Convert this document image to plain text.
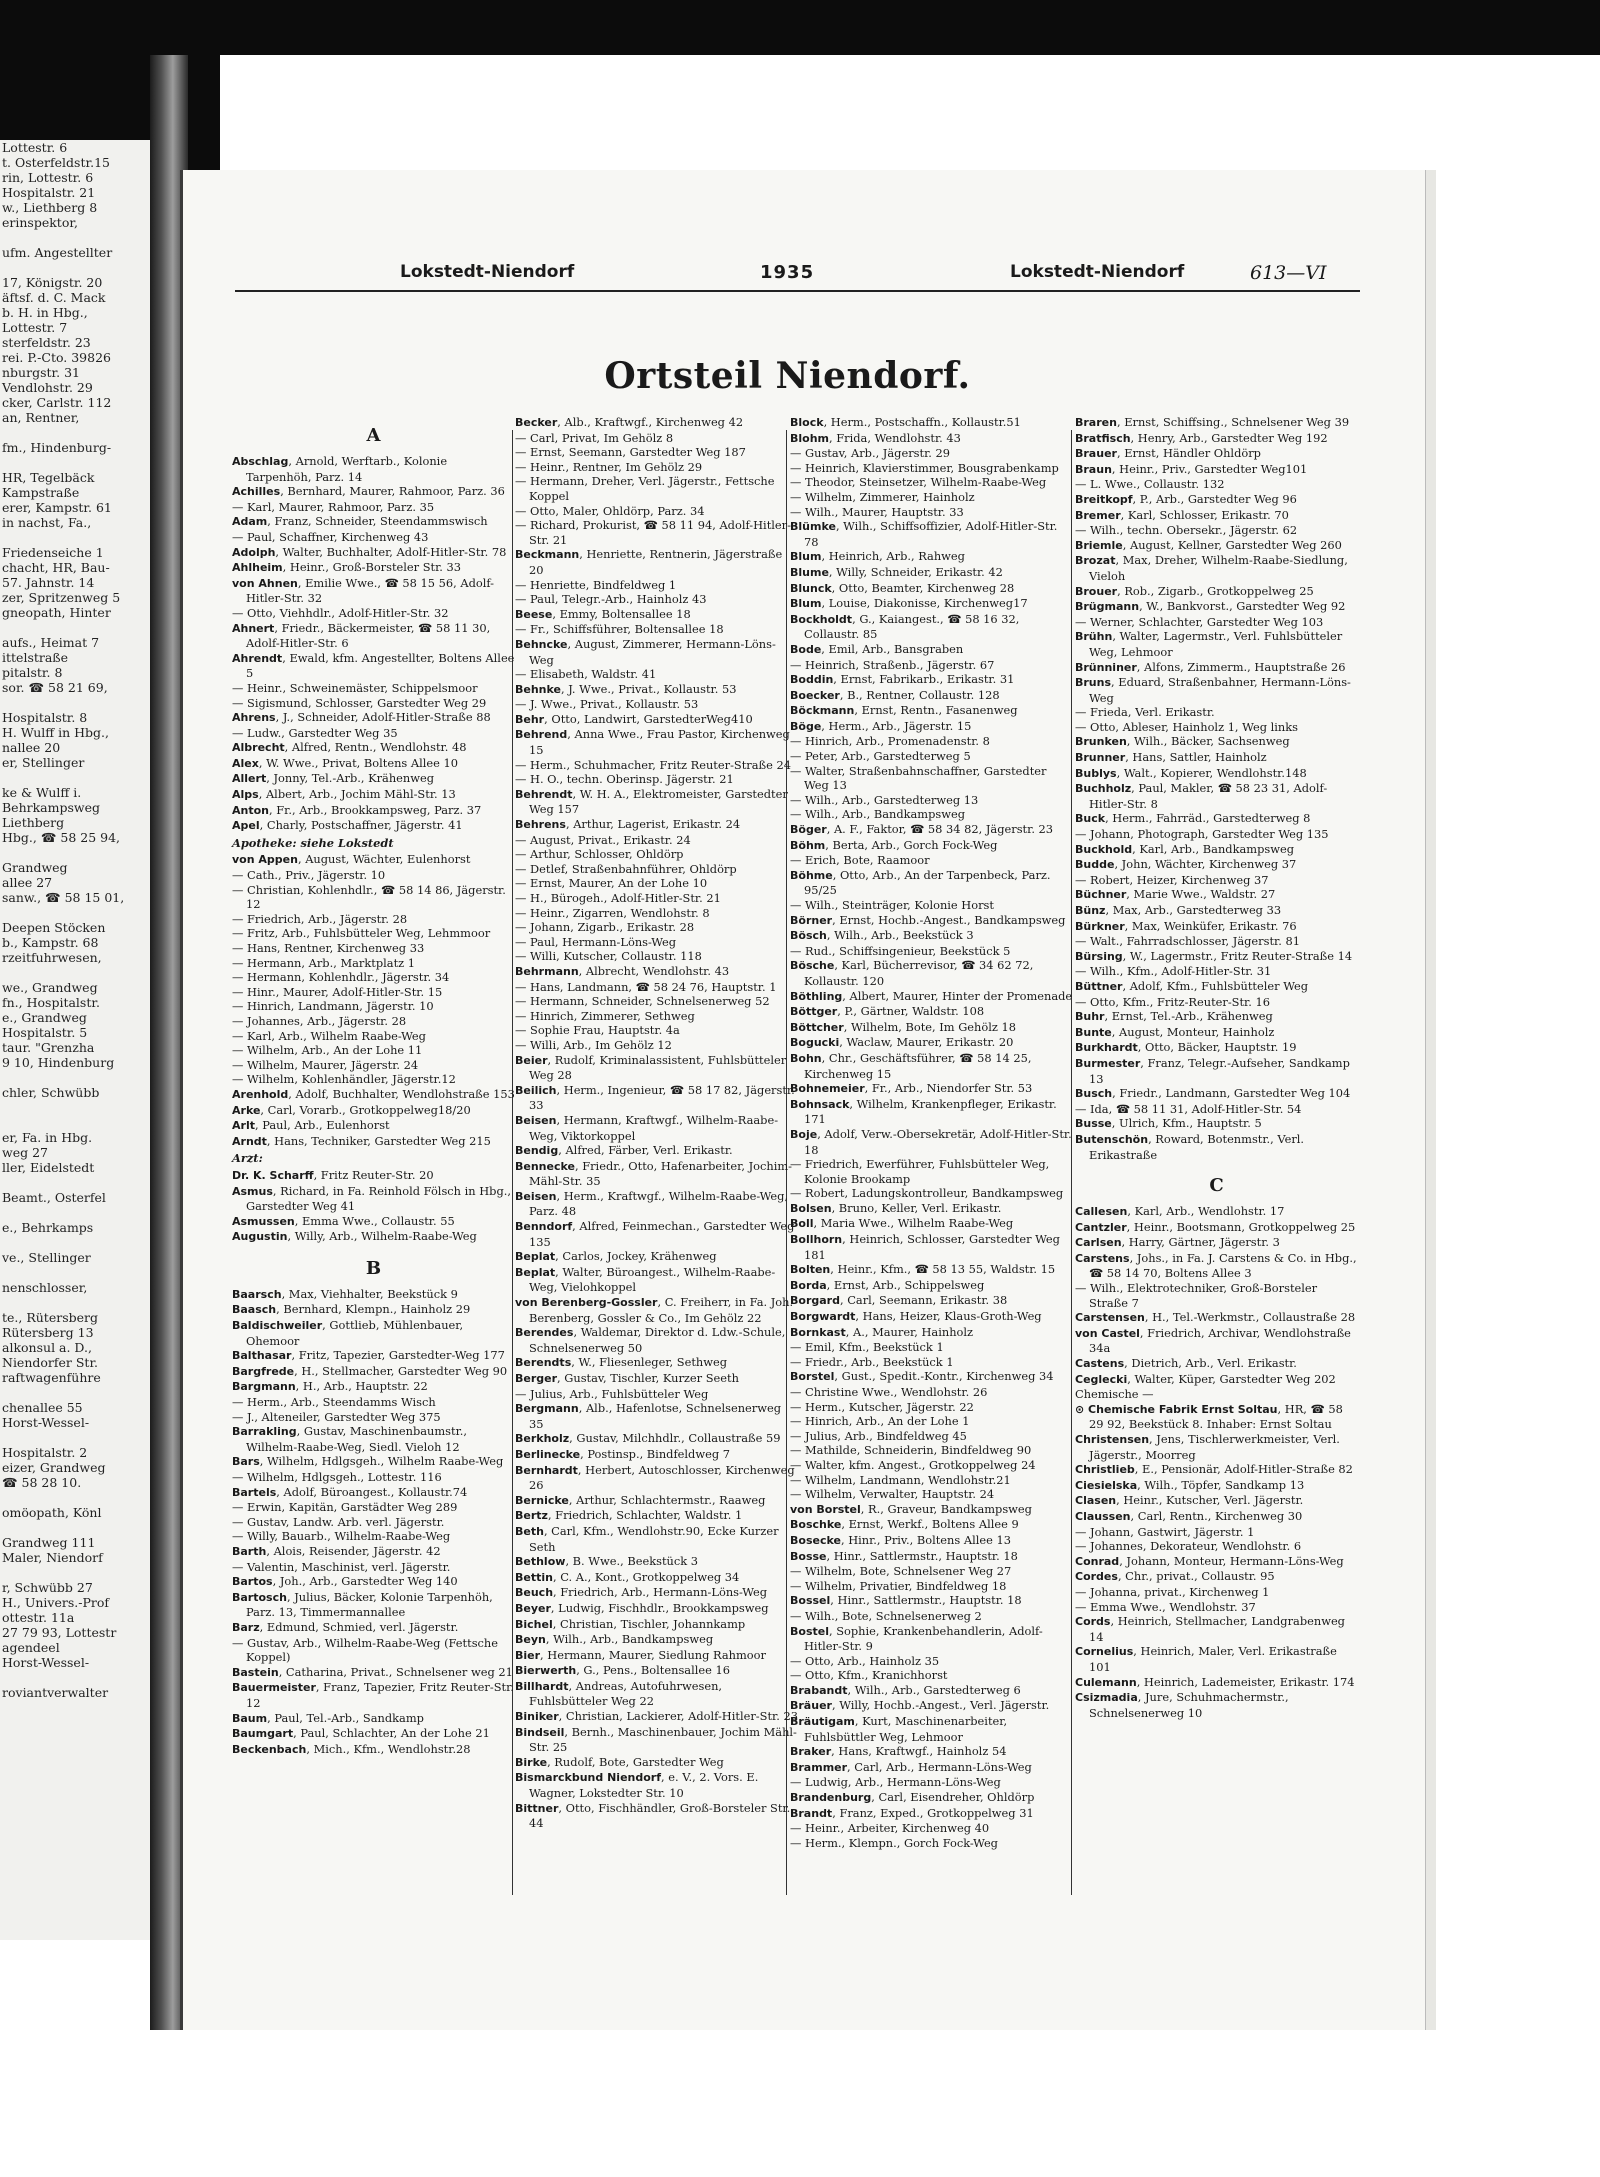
Lottestr. 6
t. Osterfeldstr.15
rin, Lottestr. 6
Hospitalstr. 21
w., Liethberg 8
erinspektor,
ufm. Angestellter
17, Königstr. 20
äftsf. d. C. Mack
b. H. in Hbg.,
Lottestr. 7
sterfeldstr. 23
rei. P.-Cto. 39826
nburgstr. 31
Vendlohstr. 29
cker, Carlstr. 112
an, Rentner,
fm., Hindenburg-
HR, Tegelbäck
Kampstraße
erer, Kampstr. 61
in nachst, Fa.,
Friedenseiche 1
chacht, HR, Bau-
57. Jahnstr. 14
zer, Spritzenweg 5
gneopath, Hinter
aufs., Heimat 7
ittelstraße
pitalstr. 8
sor. ☎ 58 21 69,
Hospitalstr. 8
H. Wulff in Hbg.,
nallee 20
er, Stellinger
ke & Wulff i.
Behrkampsweg
Liethberg
Hbg., ☎ 58 25 94,
Grandweg
allee 27
sanw., ☎ 58 15 01,
Deepen Stöcken
b., Kampstr. 68
rzeitfuhrwesen,
we., Grandweg
fn., Hospitalstr.
e., Grandweg
Hospitalstr. 5
taur. "Grenzha
9 10, Hindenburg
chler, Schwübb
er, Fa. in Hbg.
weg 27
ller, Eidelstedt
Beamt., Osterfel
e., Behrkamps
ve., Stellinger
nenschlosser,
te., Rütersberg
Rütersberg 13
alkonsul a. D.,
Niendorfer Str.
raftwagenführe
chenallee 55
Horst-Wessel-
Hospitalstr. 2
eizer, Grandweg
☎ 58 28 10.
omöopath, Könl
Grandweg 111
Maler, Niendorf
r, Schwübb 27
H., Univers.-Prof
ottestr. 11a
27 79 93, Lottestr
agendeel
Horst-Wessel-
roviantverwalter
Lokstedt-Niendorf	1935	Lokstedt-Niendorf	613—VI
Ortsteil Niendorf.
A

Abschlag, Arnold, Werftarb., Kolonie Tarpenhöh, Parz. 14

Achilles, Bernhard, Maurer, Rahmoor, Parz. 36

— Karl, Maurer, Rahmoor, Parz. 35

Adam, Franz, Schneider, Steendammswisch

— Paul, Schaffner, Kirchenweg 43

Adolph, Walter, Buchhalter, Adolf-Hitler-Str. 78

Ahlheim, Heinr., Groß-Borsteler Str. 33

von Ahnen, Emilie Wwe., ☎ 58 15 56, Adolf-Hitler-Str. 32

— Otto, Viehhdlr., Adolf-Hitler-Str. 32

Ahnert, Friedr., Bäckermeister, ☎ 58 11 30, Adolf-Hitler-Str. 6

Ahrendt, Ewald, kfm. Angestellter, Boltens Allee 5

— Heinr., Schweinemäster, Schippelsmoor

— Sigismund, Schlosser, Garstedter Weg 29

Ahrens, J., Schneider, Adolf-Hitler-Straße 88

— Ludw., Garstedter Weg 35

Albrecht, Alfred, Rentn., Wendlohstr. 48

Alex, W. Wwe., Privat, Boltens Allee 10

Allert, Jonny, Tel.-Arb., Krähenweg

Alps, Albert, Arb., Jochim Mähl-Str. 13

Anton, Fr., Arb., Brookkampsweg, Parz. 37

Apel, Charly, Postschaffner, Jägerstr. 41

Apotheke: siehe Lokstedt

von Appen, August, Wächter, Eulenhorst

— Cath., Priv., Jägerstr. 10

— Christian, Kohlenhdlr., ☎ 58 14 86, Jägerstr. 12

— Friedrich, Arb., Jägerstr. 28

— Fritz, Arb., Fuhlsbütteler Weg, Lehmmoor

— Hans, Rentner, Kirchenweg 33

— Hermann, Arb., Marktplatz 1

— Hermann, Kohlenhdlr., Jägerstr. 34

— Hinr., Maurer, Adolf-Hitler-Str. 15

— Hinrich, Landmann, Jägerstr. 10

— Johannes, Arb., Jägerstr. 28

— Karl, Arb., Wilhelm Raabe-Weg

— Wilhelm, Arb., An der Lohe 11

— Wilhelm, Maurer, Jägerstr. 24

— Wilhelm, Kohlenhändler, Jägerstr.12

Arenhold, Adolf, Buchhalter, Wendlohstraße 153

Arke, Carl, Vorarb., Grotkoppelweg18/20

Arlt, Paul, Arb., Eulenhorst

Arndt, Hans, Techniker, Garstedter Weg 215

Arzt:

Dr. K. Scharff, Fritz Reuter-Str. 20

Asmus, Richard, in Fa. Reinhold Fölsch in Hbg., Garstedter Weg 41

Asmussen, Emma Wwe., Collaustr. 55

Augustin, Willy, Arb., Wilhelm-Raabe-Weg

B

Baarsch, Max, Viehhalter, Beekstück 9

Baasch, Bernhard, Klempn., Hainholz 29

Baldischweiler, Gottlieb, Mühlenbauer, Ohemoor

Balthasar, Fritz, Tapezier, Garstedter-Weg 177

Bargfrede, H., Stellmacher, Garstedter Weg 90

Bargmann, H., Arb., Hauptstr. 22

— Herm., Arb., Steendamms Wisch

— J., Alteneiler, Garstedter Weg 375

Barrakling, Gustav, Maschinenbaumstr., Wilhelm-Raabe-Weg, Siedl. Vieloh 12

Bars, Wilhelm, Hdlgsgeh., Wilhelm Raabe-Weg

— Wilhelm, Hdlgsgeh., Lottestr. 116

Bartels, Adolf, Büroangest., Kollaustr.74

— Erwin, Kapitän, Garstädter Weg 289

— Gustav, Landw. Arb. verl. Jägerstr.

— Willy, Bauarb., Wilhelm-Raabe-Weg

Barth, Alois, Reisender, Jägerstr. 42

— Valentin, Maschinist, verl. Jägerstr.

Bartos, Joh., Arb., Garstedter Weg 140

Bartosch, Julius, Bäcker, Kolonie Tarpenhöh, Parz. 13, Timmermannallee

Barz, Edmund, Schmied, verl. Jägerstr.

— Gustav, Arb., Wilhelm-Raabe-Weg (Fettsche Koppel)

Bastein, Catharina, Privat., Schnelsener weg 21

Bauermeister, Franz, Tapezier, Fritz Reuter-Str. 12

Baum, Paul, Tel.-Arb., Sandkamp

Baumgart, Paul, Schlachter, An der Lohe 21

Beckenbach, Mich., Kfm., Wendlohstr.28

Becker, Alb., Kraftwgf., Kirchenweg 42

— Carl, Privat, Im Gehölz 8

— Ernst, Seemann, Garstedter Weg 187

— Heinr., Rentner, Im Gehölz 29

— Hermann, Dreher, Verl. Jägerstr., Fettsche Koppel

— Otto, Maler, Ohldörp, Parz. 34

— Richard, Prokurist, ☎ 58 11 94, Adolf-Hitler-Str. 21

Beckmann, Henriette, Rentnerin, Jägerstraße 20

— Henriette, Bindfeldweg 1

— Paul, Telegr.-Arb., Hainholz 43

Beese, Emmy, Boltensallee 18

— Fr., Schiffsführer, Boltensallee 18

Behncke, August, Zimmerer, Hermann-Löns-Weg

— Elisabeth, Waldstr. 41

Behnke, J. Wwe., Privat., Kollaustr. 53

— J. Wwe., Privat., Kollaustr. 53

Behr, Otto, Landwirt, GarstedterWeg410

Behrend, Anna Wwe., Frau Pastor, Kirchenweg 15

— Herm., Schuhmacher, Fritz Reuter-Straße 24

— H. O., techn. Oberinsp. Jägerstr. 21

Behrendt, W. H. A., Elektromeister, Garstedter Weg 157

Behrens, Arthur, Lagerist, Erikastr. 24

— August, Privat., Erikastr. 24

— Arthur, Schlosser, Ohldörp

— Detlef, Straßenbahnführer, Ohldörp

— Ernst, Maurer, An der Lohe 10

— H., Bürogeh., Adolf-Hitler-Str. 21

— Heinr., Zigarren, Wendlohstr. 8

— Johann, Zigarb., Erikastr. 28

— Paul, Hermann-Löns-Weg

— Willi, Kutscher, Collaustr. 118

Behrmann, Albrecht, Wendlohstr. 43

— Hans, Landmann, ☎ 58 24 76, Hauptstr. 1

— Hermann, Schneider, Schnelsenerweg 52

— Hinrich, Zimmerer, Sethweg

— Sophie Frau, Hauptstr. 4a

— Willi, Arb., Im Gehölz 12

Beier, Rudolf, Kriminalassistent, Fuhlsbütteler Weg 28

Beilich, Herm., Ingenieur, ☎ 58 17 82, Jägerstr. 33

Beisen, Hermann, Kraftwgf., Wilhelm-Raabe-Weg, Viktorkoppel

Bendig, Alfred, Färber, Verl. Erikastr.

Bennecke, Friedr., Otto, Hafenarbeiter, Jochim-Mähl-Str. 35

Beisen, Herm., Kraftwgf., Wilhelm-Raabe-Weg, Parz. 48

Benndorf, Alfred, Feinmechan., Garstedter Weg 135

Beplat, Carlos, Jockey, Krähenweg

Beplat, Walter, Büroangest., Wilhelm-Raabe-Weg, Vielohkoppel

von Berenberg-Gossler, C. Freiherr, in Fa. Joh. Berenberg, Gossler & Co., Im Gehölz 22

Berendes, Waldemar, Direktor d. Ldw.-Schule, Schnelsenerweg 50

Berendts, W., Fliesenleger, Sethweg

Berger, Gustav, Tischler, Kurzer Seeth

— Julius, Arb., Fuhlsbütteler Weg

Bergmann, Alb., Hafenlotse, Schnelsenerweg 35

Berkholz, Gustav, Milchhdlr., Collaustraße 59

Berlinecke, Postinsp., Bindfeldweg 7

Bernhardt, Herbert, Autoschlosser, Kirchenweg 26

Bernicke, Arthur, Schlachtermstr., Raaweg

Bertz, Friedrich, Schlachter, Waldstr. 1

Beth, Carl, Kfm., Wendlohstr.90, Ecke Kurzer Seth

Bethlow, B. Wwe., Beekstück 3

Bettin, C. A., Kont., Grotkoppelweg 34

Beuch, Friedrich, Arb., Hermann-Löns-Weg

Beyer, Ludwig, Fischhdlr., Brookkampsweg

Bichel, Christian, Tischler, Johannkamp

Beyn, Wilh., Arb., Bandkampsweg

Bier, Hermann, Maurer, Siedlung Rahmoor

Bierwerth, G., Pens., Boltensallee 16

Billhardt, Andreas, Autofuhrwesen, Fuhlsbütteler Weg 22

Biniker, Christian, Lackierer, Adolf-Hitler-Str. 23

Bindseil, Bernh., Maschinenbauer, Jochim Mähl-Str. 25

Birke, Rudolf, Bote, Garstedter Weg

Bismarckbund Niendorf, e. V., 2. Vors. E. Wagner, Lokstedter Str. 10

Bittner, Otto, Fischhändler, Groß-Borsteler Str. 44

Block, Herm., Postschaffn., Kollaustr.51

Blohm, Frida, Wendlohstr. 43

— Gustav, Arb., Jägerstr. 29

— Heinrich, Klavierstimmer, Bousgrabenkamp

— Theodor, Steinsetzer, Wilhelm-Raabe-Weg

— Wilhelm, Zimmerer, Hainholz

— Wilh., Maurer, Hauptstr. 33

Blümke, Wilh., Schiffsoffizier, Adolf-Hitler-Str. 78

Blum, Heinrich, Arb., Rahweg

Blume, Willy, Schneider, Erikastr. 42

Blunck, Otto, Beamter, Kirchenweg 28

Blum, Louise, Diakonisse, Kirchenweg17

Bockholdt, G., Kaiangest., ☎ 58 16 32, Collaustr. 85

Bode, Emil, Arb., Bansgraben

— Heinrich, Straßenb., Jägerstr. 67

Boddin, Ernst, Fabrikarb., Erikastr. 31

Boecker, B., Rentner, Collaustr. 128

Böckmann, Ernst, Rentn., Fasanenweg

Böge, Herm., Arb., Jägerstr. 15

— Hinrich, Arb., Promenadenstr. 8

— Peter, Arb., Garstedterweg 5

— Walter, Straßenbahnschaffner, Garstedter Weg 13

— Wilh., Arb., Garstedterweg 13

— Wilh., Arb., Bandkampsweg

Böger, A. F., Faktor, ☎ 58 34 82, Jägerstr. 23

Böhm, Berta, Arb., Gorch Fock-Weg

— Erich, Bote, Raamoor

Böhme, Otto, Arb., An der Tarpenbeck, Parz. 95/25

— Wilh., Steinträger, Kolonie Horst

Börner, Ernst, Hochb.-Angest., Bandkampsweg

Bösch, Wilh., Arb., Beekstück 3

— Rud., Schiffsingenieur, Beekstück 5

Bösche, Karl, Bücherrevisor, ☎ 34 62 72, Kollaustr. 120

Böthling, Albert, Maurer, Hinter der Promenade

Böttger, P., Gärtner, Waldstr. 108

Böttcher, Wilhelm, Bote, Im Gehölz 18

Bogucki, Waclaw, Maurer, Erikastr. 20

Bohn, Chr., Geschäftsführer, ☎ 58 14 25, Kirchenweg 15

Bohnemeier, Fr., Arb., Niendorfer Str. 53

Bohnsack, Wilhelm, Krankenpfleger, Erikastr. 171

Boje, Adolf, Verw.-Obersekretär, Adolf-Hitler-Str. 18

— Friedrich, Ewerführer, Fuhlsbütteler Weg, Kolonie Brookamp

— Robert, Ladungskontrolleur, Bandkampsweg

Bolsen, Bruno, Keller, Verl. Erikastr.

Boll, Maria Wwe., Wilhelm Raabe-Weg

Bollhorn, Heinrich, Schlosser, Garstedter Weg 181

Bolten, Heinr., Kfm., ☎ 58 13 55, Waldstr. 15

Borda, Ernst, Arb., Schippelsweg

Borgard, Carl, Seemann, Erikastr. 38

Borgwardt, Hans, Heizer, Klaus-Groth-Weg

Bornkast, A., Maurer, Hainholz

— Emil, Kfm., Beekstück 1

— Friedr., Arb., Beekstück 1

Borstel, Gust., Spedit.-Kontr., Kirchenweg 34

— Christine Wwe., Wendlohstr. 26

— Herm., Kutscher, Jägerstr. 22

— Hinrich, Arb., An der Lohe 1

— Julius, Arb., Bindfeldweg 45

— Mathilde, Schneiderin, Bindfeldweg 90

— Walter, kfm. Angest., Grotkoppelweg 24

— Wilhelm, Landmann, Wendlohstr.21

— Wilhelm, Verwalter, Hauptstr. 24

von Borstel, R., Graveur, Bandkampsweg

Boschke, Ernst, Werkf., Boltens Allee 9

Bosecke, Hinr., Priv., Boltens Allee 13

Bosse, Hinr., Sattlermstr., Hauptstr. 18

— Wilhelm, Bote, Schnelsener Weg 27

— Wilhelm, Privatier, Bindfeldweg 18

Bossel, Hinr., Sattlermstr., Hauptstr. 18

— Wilh., Bote, Schnelsenerweg 2

Bostel, Sophie, Krankenbehandlerin, Adolf-Hitler-Str. 9

— Otto, Arb., Hainholz 35

— Otto, Kfm., Kranichhorst

Brabandt, Wilh., Arb., Garstedterweg 6

Bräuer, Willy, Hochb.-Angest., Verl. Jägerstr.

Bräutigam, Kurt, Maschinenarbeiter, Fuhlsbüttler Weg, Lehmoor

Braker, Hans, Kraftwgf., Hainholz 54

Brammer, Carl, Arb., Hermann-Löns-Weg

— Ludwig, Arb., Hermann-Löns-Weg

Brandenburg, Carl, Eisendreher, Ohldörp

Brandt, Franz, Exped., Grotkoppelweg 31

— Heinr., Arbeiter, Kirchenweg 40

— Herm., Klempn., Gorch Fock-Weg

Braren, Ernst, Schiffsing., Schnelsener Weg 39

Bratfisch, Henry, Arb., Garstedter Weg 192

Brauer, Ernst, Händler Ohldörp

Braun, Heinr., Priv., Garstedter Weg101

— L. Wwe., Collaustr. 132

Breitkopf, P., Arb., Garstedter Weg 96

Bremer, Karl, Schlosser, Erikastr. 70

— Wilh., techn. Obersekr., Jägerstr. 62

Briemle, August, Kellner, Garstedter Weg 260

Brozat, Max, Dreher, Wilhelm-Raabe-Siedlung, Vieloh

Brouer, Rob., Zigarb., Grotkoppelweg 25

Brügmann, W., Bankvorst., Garstedter Weg 92

— Werner, Schlachter, Garstedter Weg 103

Brühn, Walter, Lagermstr., Verl. Fuhlsbütteler Weg, Lehmoor

Brünniner, Alfons, Zimmerm., Hauptstraße 26

Bruns, Eduard, Straßenbahner, Hermann-Löns-Weg

— Frieda, Verl. Erikastr.

— Otto, Ableser, Hainholz 1, Weg links

Brunken, Wilh., Bäcker, Sachsenweg

Brunner, Hans, Sattler, Hainholz

Bublys, Walt., Kopierer, Wendlohstr.148

Buchholz, Paul, Makler, ☎ 58 23 31, Adolf-Hitler-Str. 8

Buck, Herm., Fahrräd., Garstedterweg 8

— Johann, Photograph, Garstedter Weg 135

Buckhold, Karl, Arb., Bandkampsweg

Budde, John, Wächter, Kirchenweg 37

— Robert, Heizer, Kirchenweg 37

Büchner, Marie Wwe., Waldstr. 27

Bünz, Max, Arb., Garstedterweg 33

Bürkner, Max, Weinküfer, Erikastr. 76

— Walt., Fahrradschlosser, Jägerstr. 81

Bürsing, W., Lagermstr., Fritz Reuter-Straße 14

— Wilh., Kfm., Adolf-Hitler-Str. 31

Büttner, Adolf, Kfm., Fuhlsbütteler Weg

— Otto, Kfm., Fritz-Reuter-Str. 16

Buhr, Ernst, Tel.-Arb., Krähenweg

Bunte, August, Monteur, Hainholz

Burkhardt, Otto, Bäcker, Hauptstr. 19

Burmester, Franz, Telegr.-Aufseher, Sandkamp 13

Busch, Friedr., Landmann, Garstedter Weg 104

— Ida, ☎ 58 11 31, Adolf-Hitler-Str. 54

Busse, Ulrich, Kfm., Hauptstr. 5

Butenschön, Roward, Botenmstr., Verl. Erikastraße

C

Callesen, Karl, Arb., Wendlohstr. 17

Cantzler, Heinr., Bootsmann, Grotkoppelweg 25

Carlsen, Harry, Gärtner, Jägerstr. 3

Carstens, Johs., in Fa. J. Carstens & Co. in Hbg., ☎ 58 14 70, Boltens Allee 3

— Wilh., Elektrotechniker, Groß-Borsteler Straße 7

Carstensen, H., Tel.-Werkmstr., Collaustraße 28

von Castel, Friedrich, Archivar, Wendlohstraße 34a

Castens, Dietrich, Arb., Verl. Erikastr.

Ceglecki, Walter, Küper, Garstedter Weg 202

Chemische —

⊙ Chemische Fabrik Ernst Soltau, HR, ☎ 58 29 92, Beekstück 8. Inhaber: Ernst Soltau

Christensen, Jens, Tischlerwerkmeister, Verl. Jägerstr., Moorreg

Christlieb, E., Pensionär, Adolf-Hitler-Straße 82

Ciesielska, Wilh., Töpfer, Sandkamp 13

Clasen, Heinr., Kutscher, Verl. Jägerstr.

Claussen, Carl, Rentn., Kirchenweg 30

— Johann, Gastwirt, Jägerstr. 1

— Johannes, Dekorateur, Wendlohstr. 6

Conrad, Johann, Monteur, Hermann-Löns-Weg

Cordes, Chr., privat., Collaustr. 95

— Johanna, privat., Kirchenweg 1

— Emma Wwe., Wendlohstr. 37

Cords, Heinrich, Stellmacher, Landgrabenweg 14

Cornelius, Heinrich, Maler, Verl. Erikastraße 101

Culemann, Heinrich, Lademeister, Erikastr. 174

Csizmadia, Jure, Schuhmachermstr., Schnelsenerweg 10
